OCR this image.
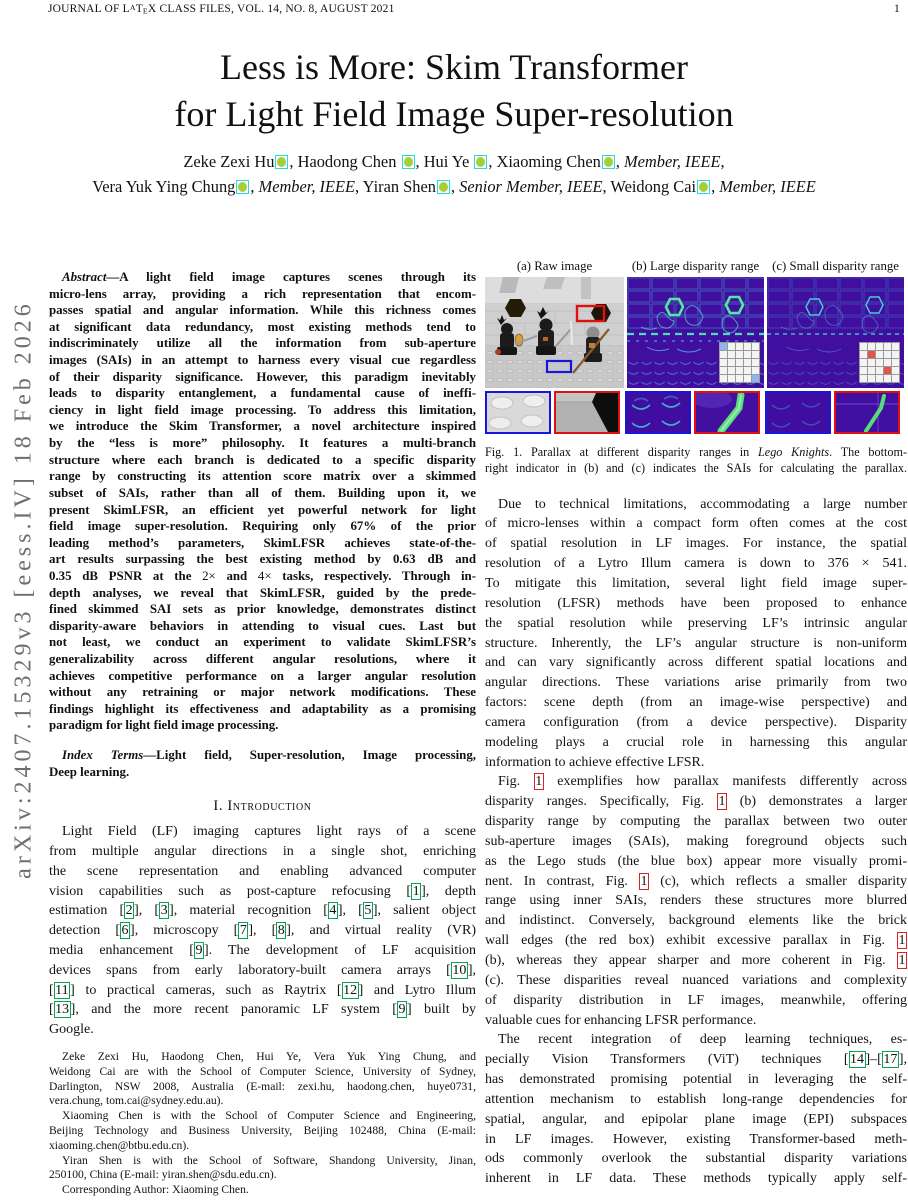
JOURNAL OF LATEX CLASS FILES, VOL. 14, NO. 8, AUGUST 2021	1
arXiv:2407.15329v3 [eess.IV] 18 Feb 2026
Less is More: Skim Transformer
for Light Field Image Super-resolution
Zeke Zexi Hu , Haodong Chen , Hui Ye , Xiaoming Chen , Member, IEEE,
Vera Yuk Ying Chung , Member, IEEE, Yiran Shen , Senior Member, IEEE, Weidong Cai , Member, IEEE
Abstract—A light field image captures scenes through its
micro-lens array, providing a rich representation that encom-
passes spatial and angular information. While this richness comes
at significant data redundancy, most existing methods tend to
indiscriminately utilize all the information from sub-aperture
images (SAIs) in an attempt to harness every visual cue regardless
of their disparity significance. However, this paradigm inevitably
leads to disparity entanglement, a fundamental cause of ineffi-
ciency in light field image processing. To address this limitation,
we introduce the Skim Transformer, a novel architecture inspired
by the “less is more” philosophy. It features a multi-branch
structure where each branch is dedicated to a specific disparity
range by constructing its attention score matrix over a skimmed
subset of SAIs, rather than all of them. Building upon it, we
present SkimLFSR, an efficient yet powerful network for light
field image super-resolution. Requiring only 67% of the prior
leading method’s parameters, SkimLFSR achieves state-of-the-
art results surpassing the best existing method by 0.63 dB and
0.35 dB PSNR at the 2× and 4× tasks, respectively. Through in-
depth analyses, we reveal that SkimLFSR, guided by the prede-
fined skimmed SAI sets as prior knowledge, demonstrates distinct
disparity-aware behaviors in attending to visual cues. Last but
not least, we conduct an experiment to validate SkimLFSR’s
generalizability across different angular resolutions, where it
achieves competitive performance on a larger angular resolution
without any retraining or major network modifications. These
findings highlight its effectiveness and adaptability as a promising
paradigm for light field image processing.
Index Terms—Light field, Super-resolution, Image processing,
Deep learning.
I. Introduction
Light Field (LF) imaging captures light rays of a scene
from multiple angular directions in a single shot, enriching
the scene representation and enabling advanced computer
vision capabilities such as post-capture refocusing [ 1 ], depth
estimation [ 2 ], [ 3 ], material recognition [ 4 ], [ 5 ], salient object
detection [ 6 ], microscopy [ 7 ], [ 8 ], and virtual reality (VR)
media enhancement [ 9 ]. The development of LF acquisition
devices spans from early laboratory-built camera arrays [ 10 ],
[ 11 ] to practical cameras, such as Raytrix [ 12 ] and Lytro Illum
[ 13 ], and the more recent panoramic LF system [ 9 ] built by
Google.
Zeke Zexi Hu, Haodong Chen, Hui Ye, Vera Yuk Ying Chung, and
Weidong Cai are with the School of Computer Science, University of Sydney,
Darlington, NSW 2008, Australia (E-mail: zexi.hu, haodong.chen, huye0731,
vera.chung, tom.cai@sydney.edu.au).
Xiaoming Chen is with the School of Computer Science and Engineering,
Beijing Technology and Business University, Beijing 102488, China (E-mail:
xiaoming.chen@btbu.edu.cn).
Yiran Shen is with the School of Software, Shandong University, Jinan,
250100, China (E-mail: yiran.shen@sdu.edu.cn).
Corresponding Author: Xiaoming Chen.
(a) Raw image	(b) Large disparity range	(c) Small disparity range
Fig. 1. Parallax at different disparity ranges in Lego Knights. The bottom-
right indicator in (b) and (c) indicates the SAIs for calculating the parallax.
Due to technical limitations, accommodating a large number
of micro-lenses within a compact form often comes at the cost
of spatial resolution in LF images. For instance, the spatial
resolution of a Lytro Illum camera is down to 376 × 541.
To mitigate this limitation, several light field image super-
resolution (LFSR) methods have been proposed to enhance
the spatial resolution while preserving LF’s intrinsic angular
structure. Inherently, the LF’s angular structure is non-uniform
and can vary significantly across different spatial locations and
angular directions. These variations arise primarily from two
factors: scene depth (from an image-wise perspective) and
camera configuration (from a device perspective). Disparity
modeling plays a crucial role in harnessing this angular
information to achieve effective LFSR.
Fig. 1 exemplifies how parallax manifests differently across
disparity ranges. Specifically, Fig. 1 (b) demonstrates a larger
disparity range by computing the parallax between two outer
sub-aperture images (SAIs), making foreground objects such
as the Lego studs (the blue box) appear more visually promi-
nent. In contrast, Fig. 1 (c), which reflects a smaller disparity
range using inner SAIs, renders these structures more blurred
and indistinct. Conversely, background elements like the brick
wall edges (the red box) exhibit excessive parallax in Fig. 1
(b), whereas they appear sharper and more coherent in Fig. 1
(c). These disparities reveal nuanced variations and complexity
of disparity distribution in LF images, meanwhile, offering
valuable cues for enhancing LFSR performance.
The recent integration of deep learning techniques, es-
pecially Vision Transformers (ViT) techniques [ 14 ]–[ 17 ],
has demonstrated promising potential in leveraging the self-
attention mechanism to establish long-range dependencies for
spatial, angular, and epipolar plane image (EPI) subspaces
in LF images. However, existing Transformer-based meth-
ods commonly overlook the substantial disparity variations
inherent in LF data. These methods typically apply self-
